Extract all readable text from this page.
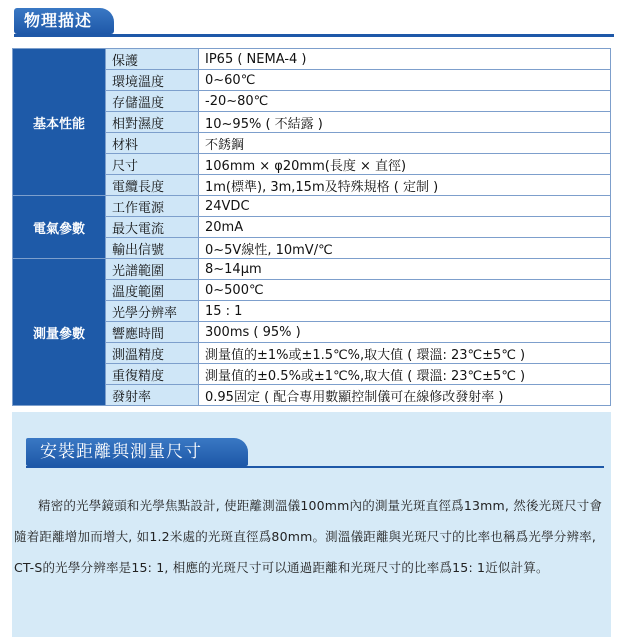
物理描述
基本性能	保護	IP65 ( NEMA-4 )
	環境溫度	0~60℃
	存儲溫度	-20~80℃
	相對濕度	10~95% ( 不結露 )
	材料	不銹鋼
	尺寸	106mm × φ20mm(長度 × 直徑)
	電纜長度	1m(標準), 3m,15m及特殊規格 ( 定制 )
電氣參數	工作電源	24VDC
	最大電流	20mA
	輸出信號	0~5V線性, 10mV/℃
測量參數	光譜範圍	8~14μm
	溫度範圍	0~500℃
	光學分辨率	15 : 1
	響應時間	300ms ( 95% )
	測溫精度	測量值的±1%或±1.5℃%,取大值 ( 環溫: 23℃±5℃ )
	重復精度	測量值的±0.5%或±1℃%,取大值 ( 環溫: 23℃±5℃ )
	發射率	0.95固定 ( 配合專用數顯控制儀可在線修改發射率 )
安裝距離與測量尺寸

精密的光學鏡頭和光學焦點設計, 使距離測溫儀100mm內的測量光斑直徑爲13mm, 然後光斑尺寸會隨着距離增加而增大, 如1.2米處的光斑直徑爲80mm。測溫儀距離與光斑尺寸的比率也稱爲光學分辨率, CT-S的光學分辨率是15: 1, 相應的光斑尺寸可以通過距離和光斑尺寸的比率爲15: 1近似計算。
